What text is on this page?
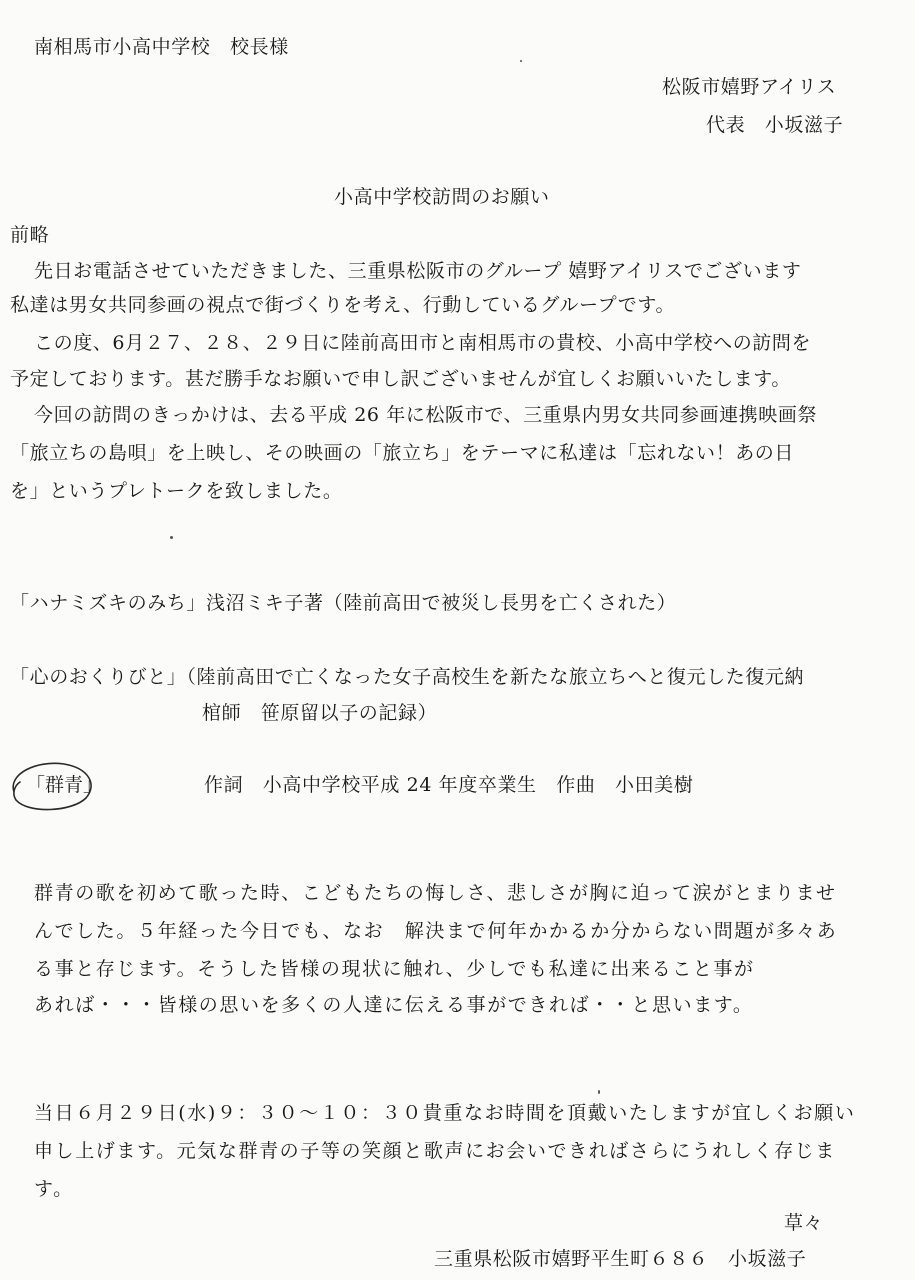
南相馬市小高中学校　校長様
松阪市嬉野アイリス
代表　小坂滋子
小高中学校訪問のお願い
前略
先日お電話させていただきました、三重県松阪市のグループ 嬉野アイリスでございます
私達は男女共同参画の視点で街づくりを考え、行動しているグループです。
この度、6月２７、２８、２９日に陸前高田市と南相馬市の貴校、小高中学校への訪問を
予定しております。甚だ勝手なお願いで申し訳ございませんが宜しくお願いいたします。
今回の訪問のきっかけは、去る平成 26 年に松阪市で、三重県内男女共同参画連携映画祭
「旅立ちの島唄」を上映し、その映画の「旅立ち」をテーマに私達は「忘れない！あの日
を」というプレトークを致しました。
「ハナミズキのみち」浅沼ミキ子著（陸前高田で被災し長男を亡くされた）
「心のおくりびと」（陸前高田で亡くなった女子高校生を新たな旅立ちへと復元した復元納
棺師　笹原留以子の記録）
「群青」	作詞　小高中学校平成 24 年度卒業生　作曲　小田美樹
群青の歌を初めて歌った時、こどもたちの悔しさ、悲しさが胸に迫って涙がとまりませ
んでした。５年経った今日でも、なお　解決まで何年かかるか分からない問題が多々あ
る事と存じます。そうした皆様の現状に触れ、少しでも私達に出来ること事が
あれば・・・皆様の思いを多くの人達に伝える事ができれば・・と思います。
当日６月２９日(水)９：３０～１０：３０貴重なお時間を頂戴いたしますが宜しくお願い
申し上げます。元気な群青の子等の笑顔と歌声にお会いできればさらにうれしく存じま
す。
草々
三重県松阪市嬉野平生町６８６　小坂滋子
